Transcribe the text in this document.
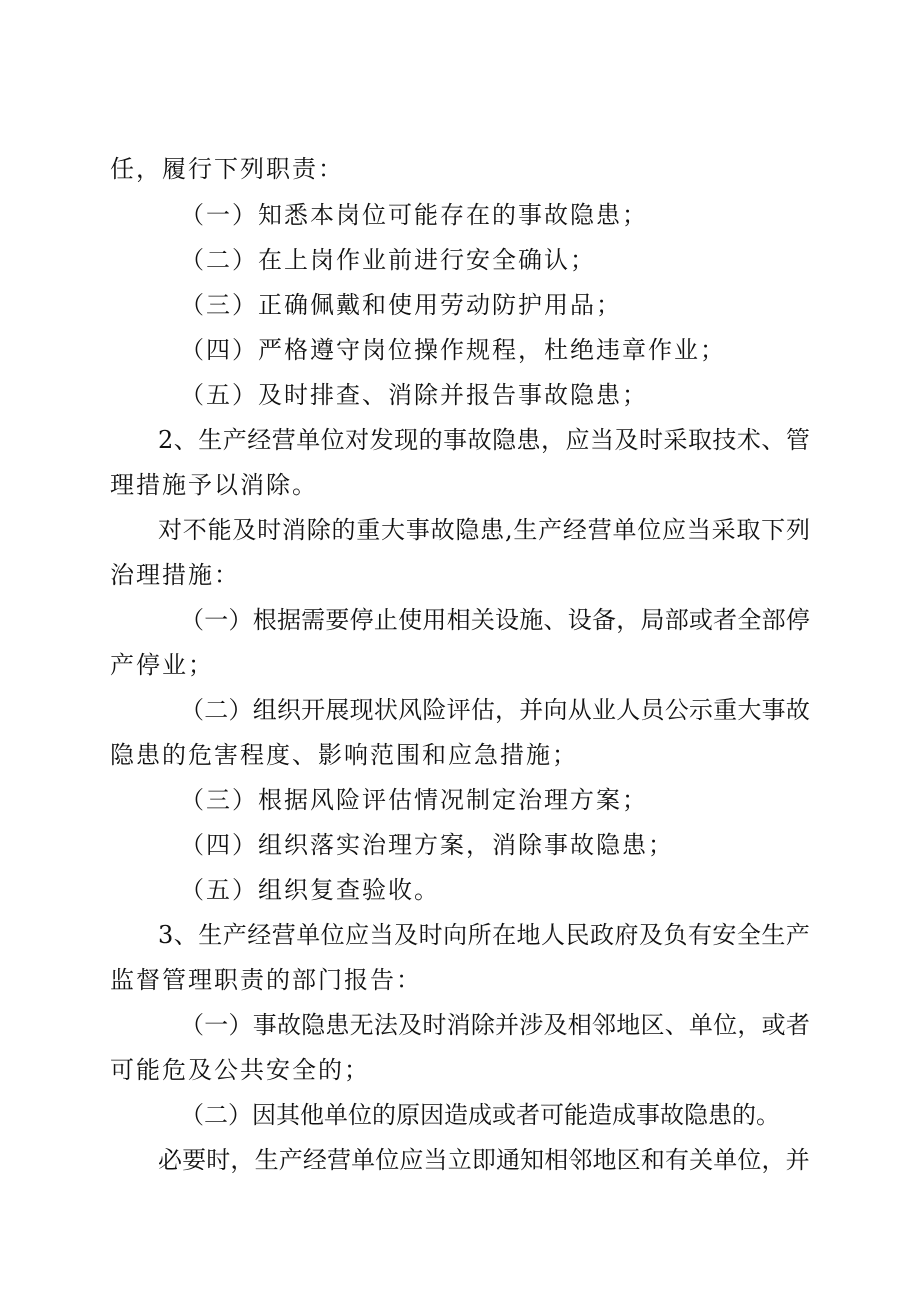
任，履行下列职责：
（一）知悉本岗位可能存在的事故隐患；
（二）在上岗作业前进行安全确认；
（三）正确佩戴和使用劳动防护用品；
（四）严格遵守岗位操作规程，杜绝违章作业；
（五）及时排查、消除并报告事故隐患；
2 、 生 产 经 营 单 位 对 发 现 的 事 故 隐 患 ， 应 当 及 时 采 取 技 术 、 管
理措施予以消除。
对 不 能 及 时 消 除 的 重 大 事 故 隐 患 , 生 产 经 营 单 位 应 当 采 取 下 列
治理措施：
（ 一 ） 根 据 需 要 停 止 使 用 相 关 设 施 、 设 备 ， 局 部 或 者 全 部 停
产停业；
（ 二 ） 组 织 开 展 现 状 风 险 评 估 ， 并 向 从 业 人 员 公 示 重 大 事 故
隐患的危害程度、影响范围和应急措施；
（三）根据风险评估情况制定治理方案；
（四）组织落实治理方案，消除事故隐患；
（五）组织复查验收。
3 、 生 产 经 营 单 位 应 当 及 时 向 所 在 地 人 民 政 府 及 负 有 安 全 生 产
监督管理职责的部门报告：
（ 一 ） 事 故 隐 患 无 法 及 时 消 除 并 涉 及 相 邻 地 区 、 单 位 ， 或 者
可能危及公共安全的；
（ 二 ） 因 其 他 单 位 的 原 因 造 成 或 者 可 能 造 成 事 故 隐 患 的 。
必 要 时 ， 生 产 经 营 单 位 应 当 立 即 通 知 相 邻 地 区 和 有 关 单 位 ， 并
